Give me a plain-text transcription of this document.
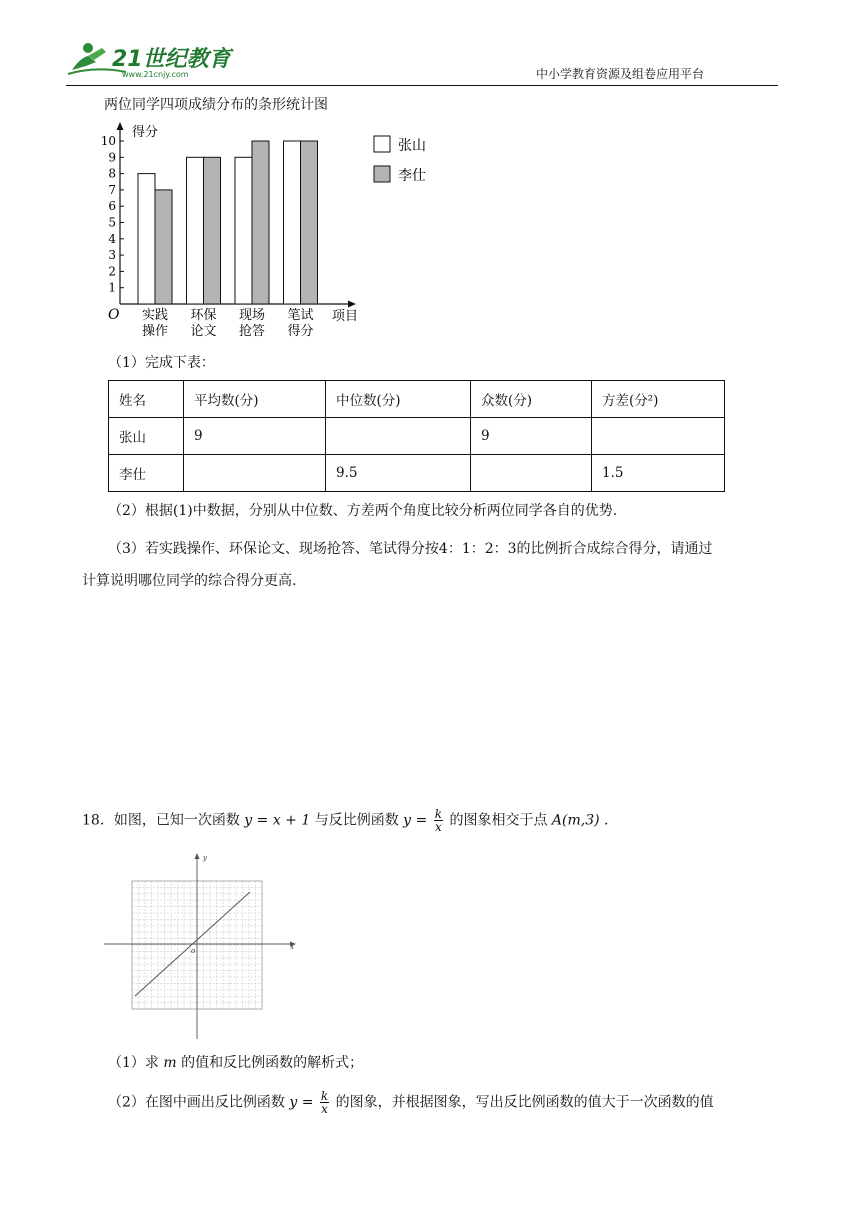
21世纪教育
www.21cnjy.com	中小学教育资源及组卷应用平台
两位同学四项成绩分布的条形统计图
得分
项目
O
1
2
3
4
5
6
7
8
9
10
实践
操作
环保
论文
现场
抢答
笔试
得分
张山
李仕
（1）完成下表：
姓名	平均数(分)	中位数(分)	众数(分)	方差(分²)
张山	9		9	
李仕		9.5		1.5
（2）根据(1)中数据，分别从中位数、方差两个角度比较分析两位同学各自的优势.
（3）若实践操作、环保论文、现场抢答、笔试得分按4：1：2：3的比例折合成综合得分，请通过
计算说明哪位同学的综合得分更高.
18．如图，已知一次函数 y = x + 1 与反比例函数 $y = \frac{k}{x}$ 的图象相交于点 A(m,3) .
x
y
o
（1）求 m 的值和反比例函数的解析式；
（2）在图中画出反比例函数 $y = \frac{k}{x}$ 的图象，并根据图象，写出反比例函数的值大于一次函数的值
